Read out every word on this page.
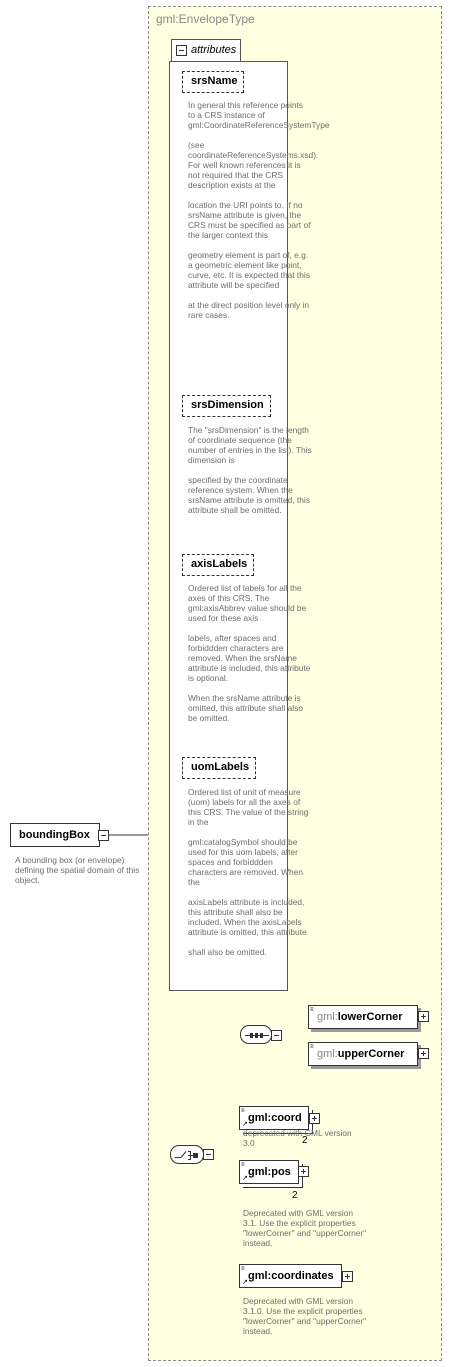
gml:EnvelopeType
attributes
srsName
In general this reference points to a CRS instance of gml:CoordinateReferenceSystemType

(see coordinateReferenceSystems.xsd). For well known references it is not required that the CRS description exists at the

location the URI points to. If no srsName attribute is given, the CRS must be specified as part of the larger context this

geometry element is part of, e.g. a geometric element like point, curve, etc. It is expected that this attribute will be specified

at the direct position level only in rare cases.
srsDimension
The "srsDimension" is the length of coordinate sequence (the number of entries in the list). This dimension is

specified by the coordinate reference system. When the srsName attribute is omitted, this attribute shall be omitted.
axisLabels
Ordered list of labels for all the axes of this CRS. The gml:axisAbbrev value should be used for these axis

labels, after spaces and forbiddden characters are removed. When the srsName attribute is included, this attribute is optional.

When the srsName attribute is omitted, this attribute shall also be omitted.
uomLabels
Ordered list of unit of measure (uom) labels for all the axes of this CRS. The value of the string in the

gml:catalogSymbol should be used for this uom labels, after spaces and forbiddden characters are removed. When the

axisLabels attribute is included, this attribute shall also be included. When the axisLabels attribute is omitted, this attribute

shall also be omitted.
boundingBox
A bounding box (or envelope) defining the spatial domain of this object.
≡
gml:lowerCorner
≡
gml:upperCorner
≡
gml:coord
↗
2
deprecated with GML version 3.0
≡
gml:pos
↗
2
Deprecated with GML version 3.1. Use the explicit properties "lowerCorner" and "upperCorner" instead.
≡
gml:coordinates
↗
Deprecated with GML version 3.1.0. Use the explicit properties "lowerCorner" and "upperCorner" instead.
